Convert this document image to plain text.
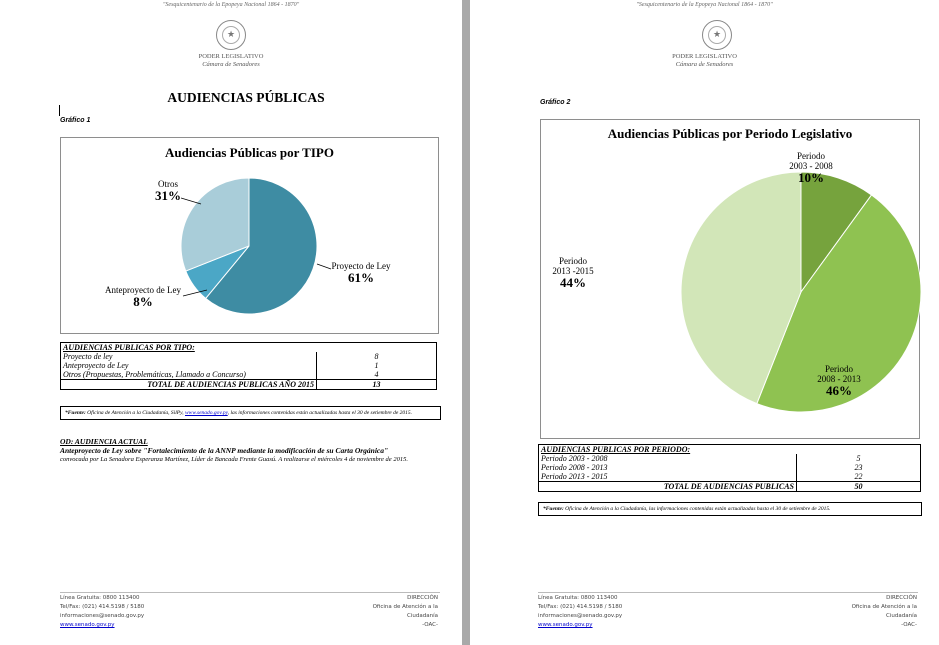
"Sesquicentenario de la Epopeya Nacional 1864 - 1870"
★
PODER LEGISLATIVO
Cámara de Senadores
AUDIENCIAS PÚBLICAS
Gráfico 1
Audiencias Públicas por TIPO
Otros
31%
Proyecto de Ley
61%
Anteproyecto de Ley
8%
AUDIENCIAS PUBLICAS POR TIPO:	
Proyecto de ley	8
Anteproyecto de Ley	1
Otros (Propuestas, Problemáticas, Llamado a Concurso)	4
TOTAL DE AUDIENCIAS PUBLICAS AÑO 2015	13
*Fuente: Oficina de Atención a la Ciudadanía, SilPy, www.senado.gov.py, las informaciones contenidas están actualizadas hasta el 30 de setiembre de 2015.
OD: AUDIENCIA ACTUAL
Anteproyecto de Ley sobre "Fortalecimiento de la ANNP mediante la modificación de su Carta Orgánica"
convocada por La Senadora Esperanza Martínez, Líder de Bancada Frente Guasú. A realizarse el miércoles 4 de noviembre de 2015.
Línea Gratuita: 0800 113400
Tel/Fax: (021) 414.5198 / 5180
informaciones@senado.gov.py
www.senado.gov.py
DIRECCIÓN
Oficina de Atención a la
Ciudadanía
-OAC-
"Sesquicentenario de la Epopeya Nacional 1864 - 1870"
★
PODER LEGISLATIVO
Cámara de Senadores
Gráfico 2
Audiencias Públicas por Periodo Legislativo
Periodo
2003 - 2008
10%
Periodo
2008 - 2013
46%
Periodo
2013 -2015
44%
AUDIENCIAS PUBLICAS POR PERIODO:	
Periodo 2003 - 2008	5
Periodo 2008 - 2013	23
Periodo 2013 - 2015	22
TOTAL DE AUDIENCIAS PUBLICAS	50
*Fuente: Oficina de Atención a la Ciudadanía, las informaciones contenidas están actualizadas hasta el 30 de setiembre de 2015.
Línea Gratuita: 0800 113400
Tel/Fax: (021) 414.5198 / 5180
informaciones@senado.gov.py
www.senado.gov.py
DIRECCIÓN
Oficina de Atención a la
Ciudadanía
-OAC-
